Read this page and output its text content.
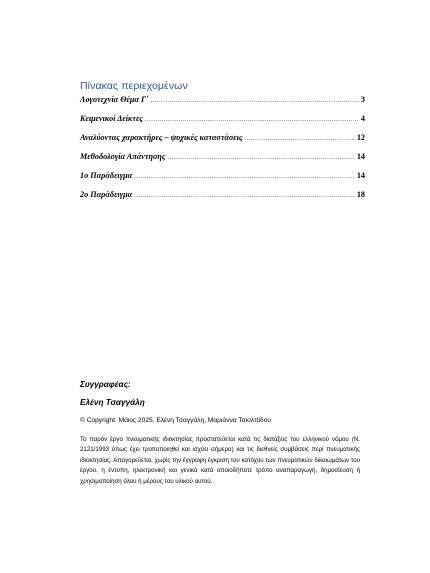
Πίνακας περιεχομένων
Λογοτεχνία Θέμα Γ΄ .....	3
Κειμενικοί Δείκτες .....	4
Αναλύοντας χαρακτήρες – ψυχικές καταστάσεις .....	12
Μεθοδολογία Απάντησης .....	14
1ο Παράδειγμα .....	14
2ο Παράδειγμα .....	18
Συγγραφέας:
Ελένη Τσαγγάλη
© Copyright: Μάιος 2025, Ελένη Τσαγγάλη, Μαριάννα Τσιολπίδου
Το παρόν έργο πνευματικής ιδιοκτησίας προστατεύεται κατά τις διατάξεις του ελληνικού νόμου (Ν. 2121/1993 όπως έχει τροποποιηθεί και ισχύει σήμερα) και τις διεθνείς συμβάσεις περί πνευματικής ιδιοκτησίας. Απαγορεύεται, χωρίς την έγγραφη έγκριση του κατόχου των πνευματικών δικαιωμάτων του έργου, η έντυπη, ηλεκτρονική και γενικά κατά οποιοδήποτε τρόπο αναπαραγωγή, δημοσίευση ή χρησιμοποίηση όλου ή μέρους του υλικού αυτού.
